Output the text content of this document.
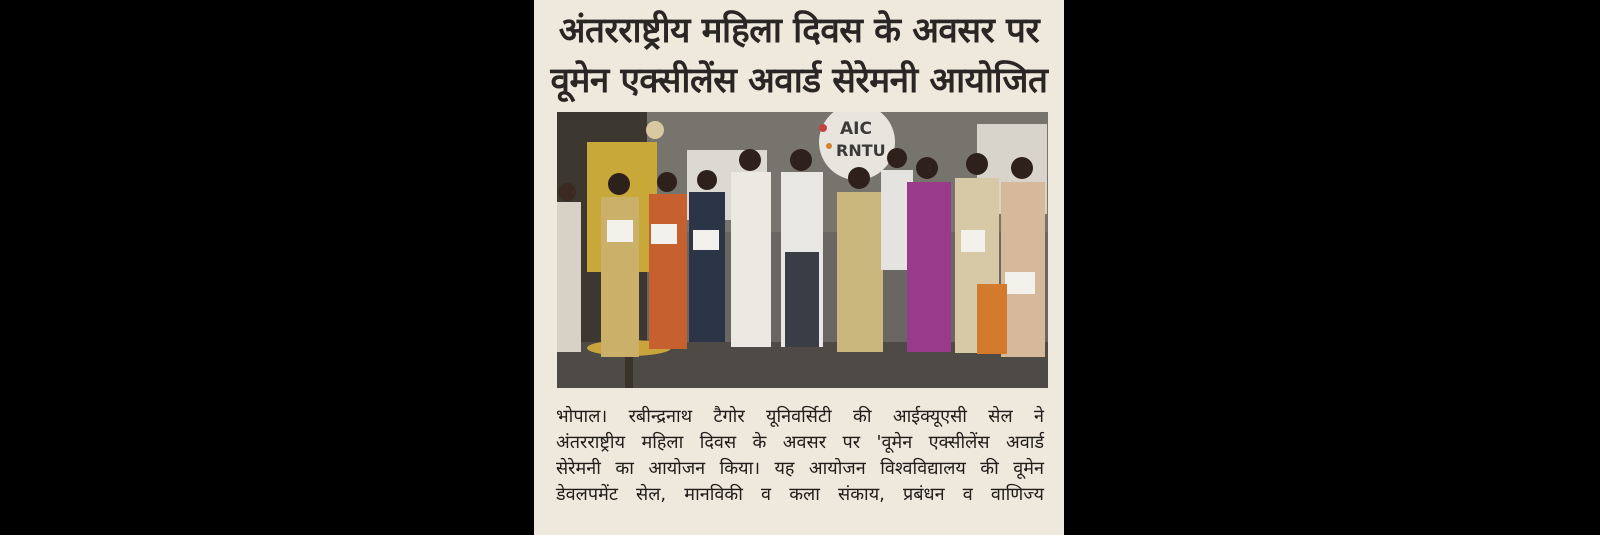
अंतरराष्ट्रीय महिला दिवस के अवसर पर
वूमेन एक्सीलेंस अवार्ड सेरेमनी आयोजित
AIC
RNTU

भोपाल। रबीन्द्रनाथ टैगोर यूनिवर्सिटी की आईक्यूएसी सेल ने

अंतरराष्ट्रीय महिला दिवस के अवसर पर 'वूमेन एक्सीलेंस अवार्ड

सेरेमनी का आयोजन किया। यह आयोजन विश्वविद्यालय की वूमेन

डेवलपमेंट सेल, मानविकी व कला संकाय, प्रबंधन व वाणिज्य
